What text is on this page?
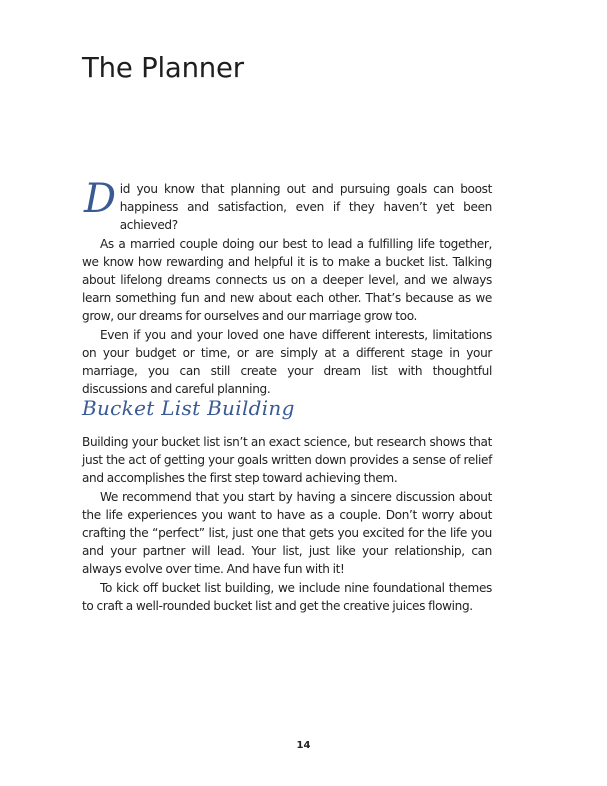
The Planner

Did you know that planning out and pursuing goals can boost happiness and satisfaction, even if they haven’t yet been achieved?

As a married couple doing our best to lead a fulfilling life together, we know how rewarding and helpful it is to make a bucket list. Talking about lifelong dreams connects us on a deeper level, and we always learn something fun and new about each other. That’s because as we grow, our dreams for ourselves and our marriage grow too.

Even if you and your loved one have different interests, limitations on your budget or time, or are simply at a different stage in your marriage, you can still create your dream list with thoughtful discussions and careful planning.

Bucket List Building

Building your bucket list isn’t an exact science, but research shows that just the act of getting your goals written down provides a sense of relief and accomplishes the first step toward achieving them.

We recommend that you start by having a sincere discussion about the life experiences you want to have as a couple. Don’t worry about crafting the “perfect” list, just one that gets you excited for the life you and your partner will lead. Your list, just like your relationship, can always evolve over time. And have fun with it!

To kick off bucket list building, we include nine foundational themes to craft a well-rounded bucket list and get the creative juices flowing.

14
